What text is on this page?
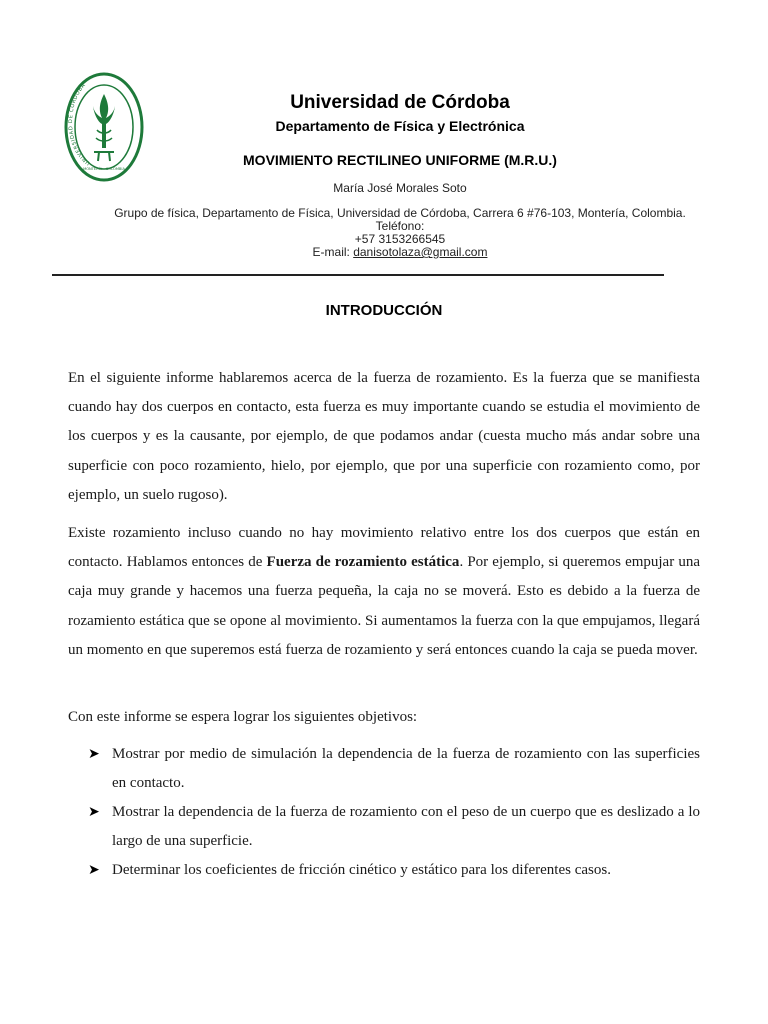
UNIVERSIDAD DE CÓRDOBA
MONTERÍA - COLOMBIA
Universidad de Córdoba
Departamento de Física y Electrónica
MOVIMIENTO RECTILINEO UNIFORME (M.R.U.)
María José Morales Soto
Grupo de física, Departamento de Física, Universidad de Córdoba, Carrera 6 #76-103, Montería, Colombia.
Teléfono:
+57 3153266545
E-mail: danisotolaza@gmail.com
INTRODUCCIÓN
En el siguiente informe hablaremos acerca de la fuerza de rozamiento. Es la fuerza que se manifiesta cuando hay dos cuerpos en contacto, esta fuerza es muy importante cuando se estudia el movimiento de los cuerpos y es la causante, por ejemplo, de que podamos andar (cuesta mucho más andar sobre una superficie con poco rozamiento, hielo, por ejemplo, que por una superficie con rozamiento como, por ejemplo, un suelo rugoso).
Existe rozamiento incluso cuando no hay movimiento relativo entre los dos cuerpos que están en contacto. Hablamos entonces de Fuerza de rozamiento estática. Por ejemplo, si queremos empujar una caja muy grande y hacemos una fuerza pequeña, la caja no se moverá. Esto es debido a la fuerza de rozamiento estática que se opone al movimiento. Si aumentamos la fuerza con la que empujamos, llegará un momento en que superemos está fuerza de rozamiento y será entonces cuando la caja se pueda mover.
Con este informe se espera lograr los siguientes objetivos:
➤ Mostrar por medio de simulación la dependencia de la fuerza de rozamiento con las superficies en contacto.
➤ Mostrar la dependencia de la fuerza de rozamiento con el peso de un cuerpo que es deslizado a lo largo de una superficie.
➤ Determinar los coeficientes de fricción cinético y estático para los diferentes casos.
